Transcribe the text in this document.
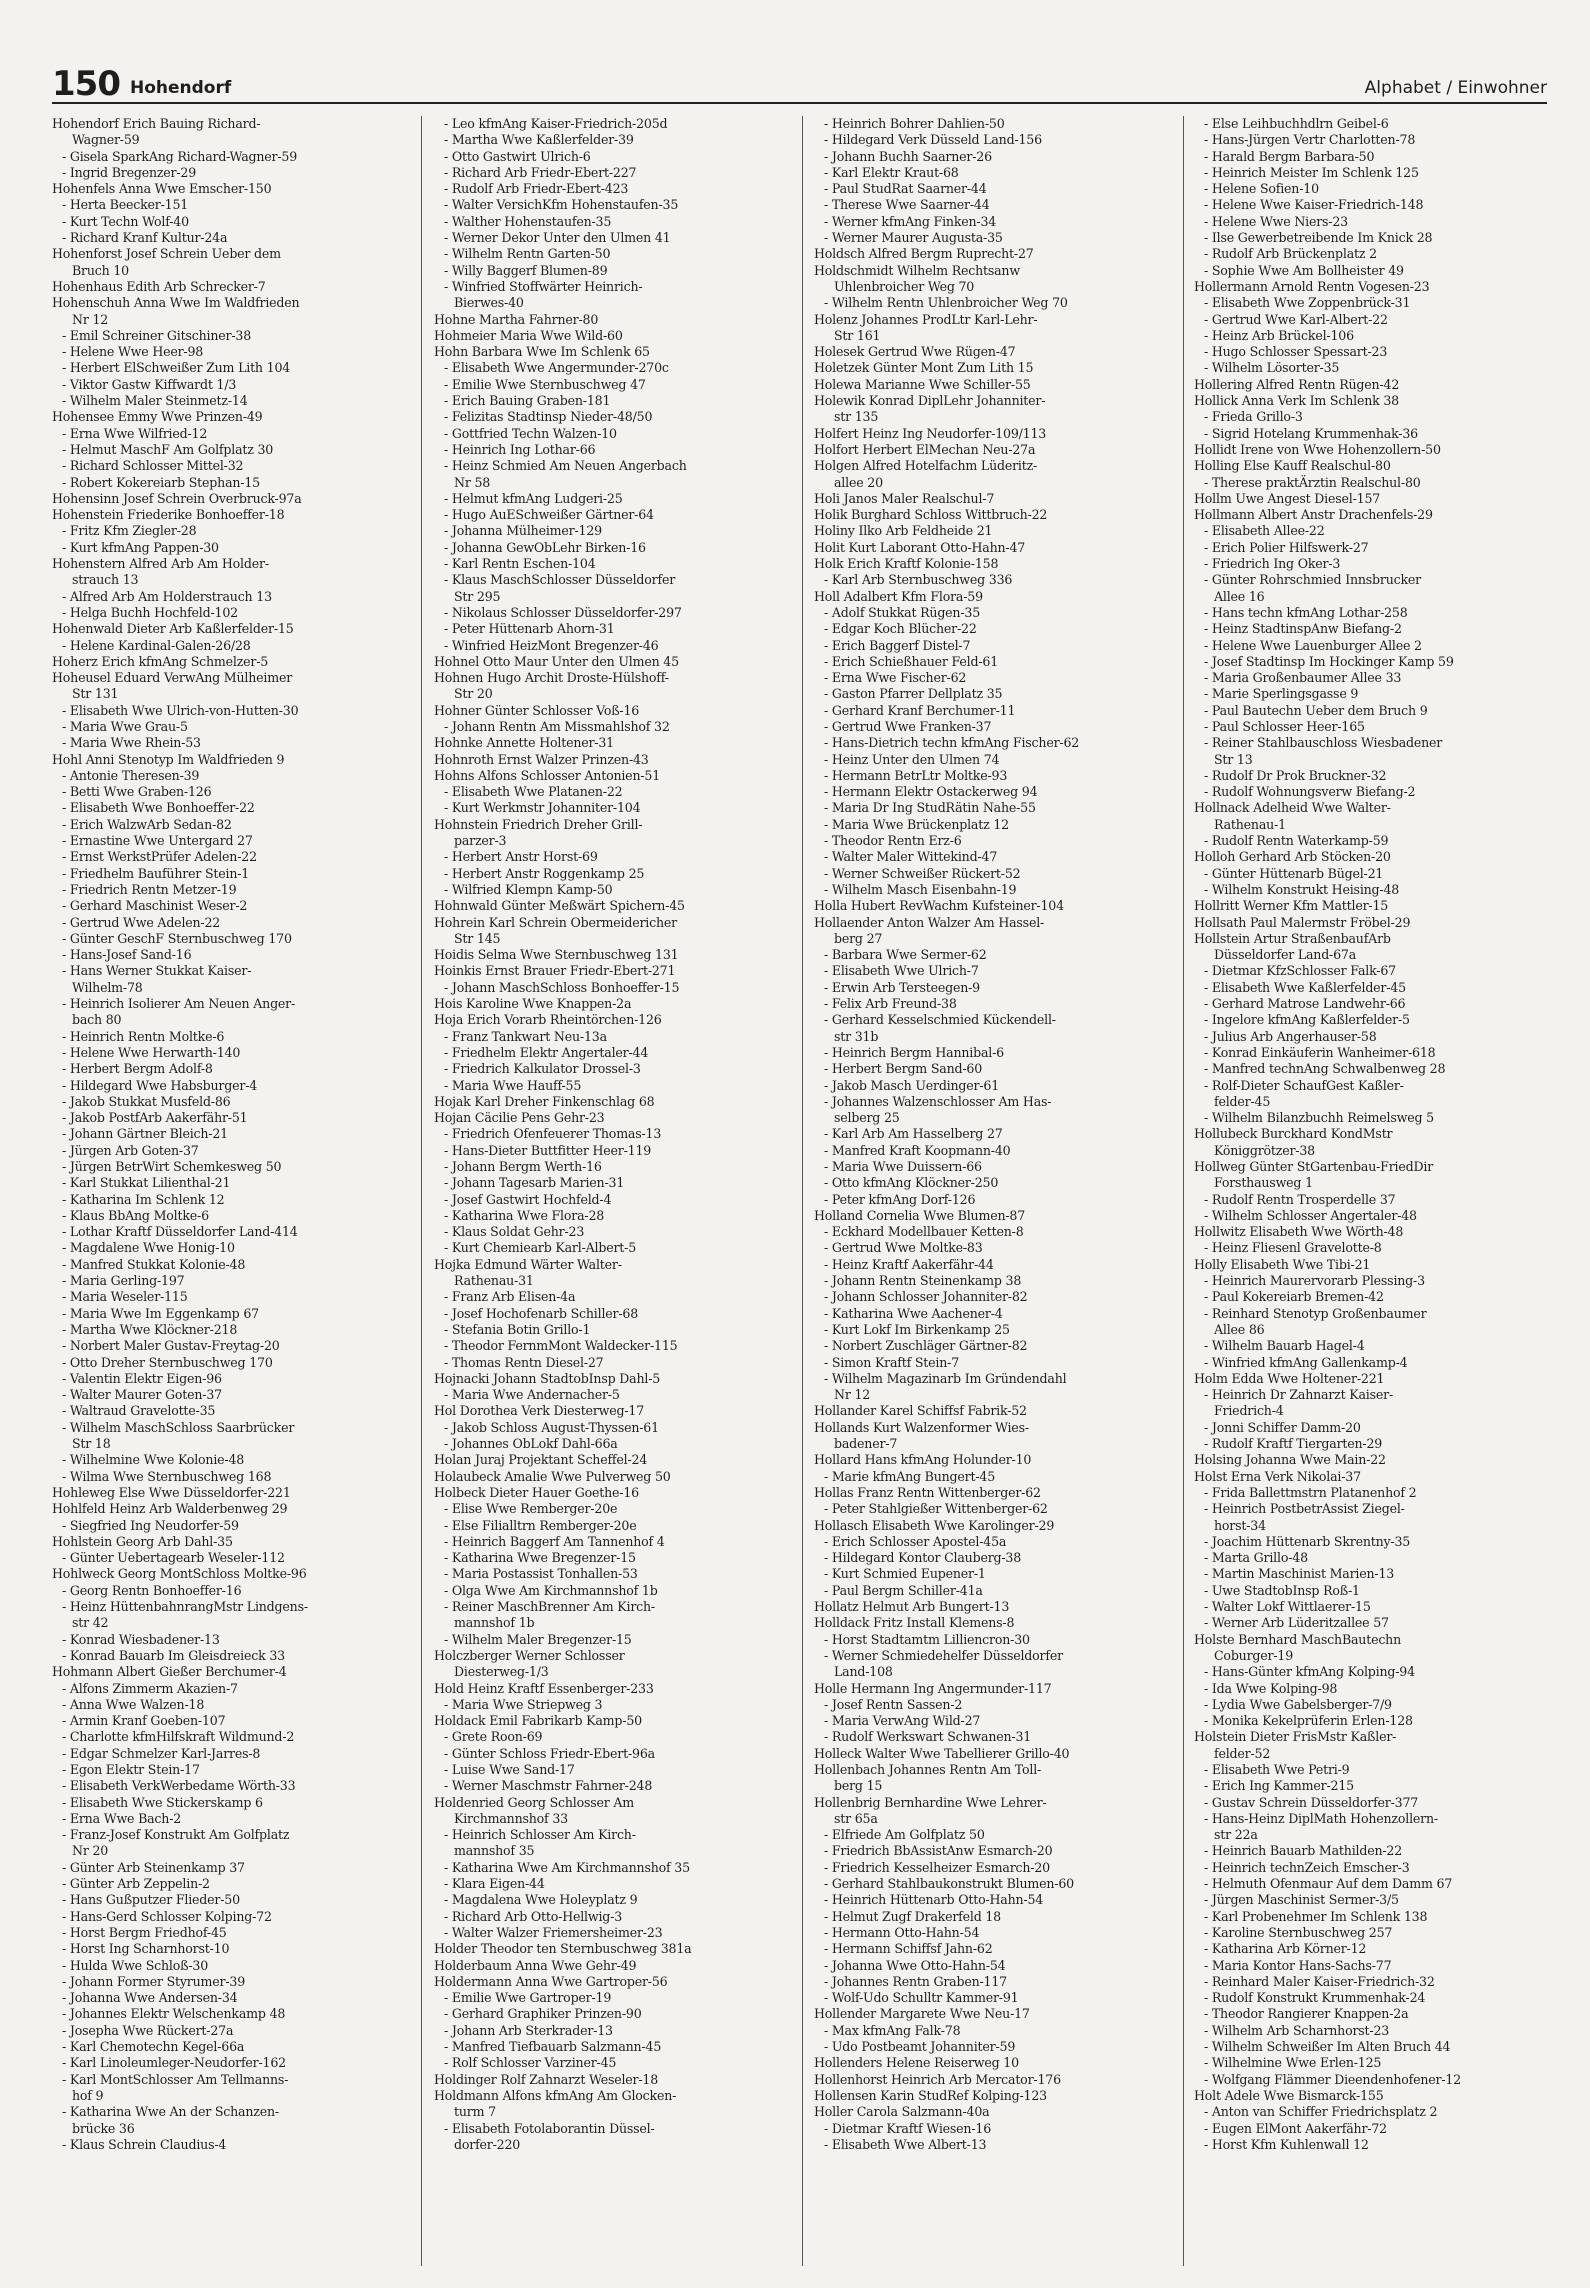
150 Hohendorf	Alphabet / Einwohner
Hohendorf Erich Bauing Richard-
Wagner-59
- Gisela SparkAng Richard-Wagner-59
- Ingrid Bregenzer-29
Hohenfels Anna Wwe Emscher-150
- Herta Beecker-151
- Kurt Techn Wolf-40
- Richard Kranf Kultur-24a
Hohenforst Josef Schrein Ueber dem
Bruch 10
Hohenhaus Edith Arb Schrecker-7
Hohenschuh Anna Wwe Im Waldfrieden
Nr 12
- Emil Schreiner Gitschiner-38
- Helene Wwe Heer-98
- Herbert ElSchweißer Zum Lith 104
- Viktor Gastw Kiffwardt 1/3
- Wilhelm Maler Steinmetz-14
Hohensee Emmy Wwe Prinzen-49
- Erna Wwe Wilfried-12
- Helmut MaschF Am Golfplatz 30
- Richard Schlosser Mittel-32
- Robert Kokereiarb Stephan-15
Hohensinn Josef Schrein Overbruck-97a
Hohenstein Friederike Bonhoeffer-18
- Fritz Kfm Ziegler-28
- Kurt kfmAng Pappen-30
Hohenstern Alfred Arb Am Holder-
strauch 13
- Alfred Arb Am Holderstrauch 13
- Helga Buchh Hochfeld-102
Hohenwald Dieter Arb Kaßlerfelder-15
- Helene Kardinal-Galen-26/28
Hoherz Erich kfmAng Schmelzer-5
Hoheusel Eduard VerwAng Mülheimer
Str 131
- Elisabeth Wwe Ulrich-von-Hutten-30
- Maria Wwe Grau-5
- Maria Wwe Rhein-53
Hohl Anni Stenotyp Im Waldfrieden 9
- Antonie Theresen-39
- Betti Wwe Graben-126
- Elisabeth Wwe Bonhoeffer-22
- Erich WalzwArb Sedan-82
- Ernastine Wwe Untergard 27
- Ernst WerkstPrüfer Adelen-22
- Friedhelm Bauführer Stein-1
- Friedrich Rentn Metzer-19
- Gerhard Maschinist Weser-2
- Gertrud Wwe Adelen-22
- Günter GeschF Sternbuschweg 170
- Hans-Josef Sand-16
- Hans Werner Stukkat Kaiser-
Wilhelm-78
- Heinrich Isolierer Am Neuen Anger-
bach 80
- Heinrich Rentn Moltke-6
- Helene Wwe Herwarth-140
- Herbert Bergm Adolf-8
- Hildegard Wwe Habsburger-4
- Jakob Stukkat Musfeld-86
- Jakob PostfArb Aakerfähr-51
- Johann Gärtner Bleich-21
- Jürgen Arb Goten-37
- Jürgen BetrWirt Schemkesweg 50
- Karl Stukkat Lilienthal-21
- Katharina Im Schlenk 12
- Klaus BbAng Moltke-6
- Lothar Kraftf Düsseldorfer Land-414
- Magdalene Wwe Honig-10
- Manfred Stukkat Kolonie-48
- Maria Gerling-197
- Maria Weseler-115
- Maria Wwe Im Eggenkamp 67
- Martha Wwe Klöckner-218
- Norbert Maler Gustav-Freytag-20
- Otto Dreher Sternbuschweg 170
- Valentin Elektr Eigen-96
- Walter Maurer Goten-37
- Waltraud Gravelotte-35
- Wilhelm MaschSchloss Saarbrücker
Str 18
- Wilhelmine Wwe Kolonie-48
- Wilma Wwe Sternbuschweg 168
Hohleweg Else Wwe Düsseldorfer-221
Hohlfeld Heinz Arb Walderbenweg 29
- Siegfried Ing Neudorfer-59
Hohlstein Georg Arb Dahl-35
- Günter Uebertagearb Weseler-112
Hohlweck Georg MontSchloss Moltke-96
- Georg Rentn Bonhoeffer-16
- Heinz HüttenbahnrangMstr Lindgens-
str 42
- Konrad Wiesbadener-13
- Konrad Bauarb Im Gleisdreieck 33
Hohmann Albert Gießer Berchumer-4
- Alfons Zimmerm Akazien-7
- Anna Wwe Walzen-18
- Armin Kranf Goeben-107
- Charlotte kfmHilfskraft Wildmund-2
- Edgar Schmelzer Karl-Jarres-8
- Egon Elektr Stein-17
- Elisabeth VerkWerbedame Wörth-33
- Elisabeth Wwe Stickerskamp 6
- Erna Wwe Bach-2
- Franz-Josef Konstrukt Am Golfplatz
Nr 20
- Günter Arb Steinenkamp 37
- Günter Arb Zeppelin-2
- Hans Gußputzer Flieder-50
- Hans-Gerd Schlosser Kolping-72
- Horst Bergm Friedhof-45
- Horst Ing Scharnhorst-10
- Hulda Wwe Schloß-30
- Johann Former Styrumer-39
- Johanna Wwe Andersen-34
- Johannes Elektr Welschenkamp 48
- Josepha Wwe Rückert-27a
- Karl Chemotechn Kegel-66a
- Karl Linoleumleger-Neudorfer-162
- Karl MontSchlosser Am Tellmanns-
hof 9
- Katharina Wwe An der Schanzen-
brücke 36
- Klaus Schrein Claudius-4
- Leo kfmAng Kaiser-Friedrich-205d
- Martha Wwe Kaßlerfelder-39
- Otto Gastwirt Ulrich-6
- Richard Arb Friedr-Ebert-227
- Rudolf Arb Friedr-Ebert-423
- Walter VersichKfm Hohenstaufen-35
- Walther Hohenstaufen-35
- Werner Dekor Unter den Ulmen 41
- Wilhelm Rentn Garten-50
- Willy Baggerf Blumen-89
- Winfried Stoffwärter Heinrich-
Bierwes-40
Hohne Martha Fahrner-80
Hohmeier Maria Wwe Wild-60
Hohn Barbara Wwe Im Schlenk 65
- Elisabeth Wwe Angermunder-270c
- Emilie Wwe Sternbuschweg 47
- Erich Bauing Graben-181
- Felizitas Stadtinsp Nieder-48/50
- Gottfried Techn Walzen-10
- Heinrich Ing Lothar-66
- Heinz Schmied Am Neuen Angerbach
Nr 58
- Helmut kfmAng Ludgeri-25
- Hugo AuESchweißer Gärtner-64
- Johanna Mülheimer-129
- Johanna GewObLehr Birken-16
- Karl Rentn Eschen-104
- Klaus MaschSchlosser Düsseldorfer
Str 295
- Nikolaus Schlosser Düsseldorfer-297
- Peter Hüttenarb Ahorn-31
- Winfried HeizMont Bregenzer-46
Hohnel Otto Maur Unter den Ulmen 45
Hohnen Hugo Archit Droste-Hülshoff-
Str 20
Hohner Günter Schlosser Voß-16
- Johann Rentn Am Missmahlshof 32
Hohnke Annette Holtener-31
Hohnroth Ernst Walzer Prinzen-43
Hohns Alfons Schlosser Antonien-51
- Elisabeth Wwe Platanen-22
- Kurt Werkmstr Johanniter-104
Hohnstein Friedrich Dreher Grill-
parzer-3
- Herbert Anstr Horst-69
- Herbert Anstr Roggenkamp 25
- Wilfried Klempn Kamp-50
Hohnwald Günter Meßwärt Spichern-45
Hohrein Karl Schrein Obermeidericher
Str 145
Hoidis Selma Wwe Sternbuschweg 131
Hoinkis Ernst Brauer Friedr-Ebert-271
- Johann MaschSchloss Bonhoeffer-15
Hois Karoline Wwe Knappen-2a
Hoja Erich Vorarb Rheintörchen-126
- Franz Tankwart Neu-13a
- Friedhelm Elektr Angertaler-44
- Friedrich Kalkulator Drossel-3
- Maria Wwe Hauff-55
Hojak Karl Dreher Finkenschlag 68
Hojan Cäcilie Pens Gehr-23
- Friedrich Ofenfeuerer Thomas-13
- Hans-Dieter Buttfitter Heer-119
- Johann Bergm Werth-16
- Johann Tagesarb Marien-31
- Josef Gastwirt Hochfeld-4
- Katharina Wwe Flora-28
- Klaus Soldat Gehr-23
- Kurt Chemiearb Karl-Albert-5
Hojka Edmund Wärter Walter-
Rathenau-31
- Franz Arb Elisen-4a
- Josef Hochofenarb Schiller-68
- Stefania Botin Grillo-1
- Theodor FernmMont Waldecker-115
- Thomas Rentn Diesel-27
Hojnacki Johann StadtobInsp Dahl-5
- Maria Wwe Andernacher-5
Hol Dorothea Verk Diesterweg-17
- Jakob Schloss August-Thyssen-61
- Johannes ObLokf Dahl-66a
Holan Juraj Projektant Scheffel-24
Holaubeck Amalie Wwe Pulverweg 50
Holbeck Dieter Hauer Goethe-16
- Elise Wwe Remberger-20e
- Else Filialltrn Remberger-20e
- Heinrich Baggerf Am Tannenhof 4
- Katharina Wwe Bregenzer-15
- Maria Postassist Tonhallen-53
- Olga Wwe Am Kirchmannshof 1b
- Reiner MaschBrenner Am Kirch-
mannshof 1b
- Wilhelm Maler Bregenzer-15
Holczberger Werner Schlosser
Diesterweg-1/3
Hold Heinz Kraftf Essenberger-233
- Maria Wwe Striepweg 3
Holdack Emil Fabrikarb Kamp-50
- Grete Roon-69
- Günter Schloss Friedr-Ebert-96a
- Luise Wwe Sand-17
- Werner Maschmstr Fahrner-248
Holdenried Georg Schlosser Am
Kirchmannshof 33
- Heinrich Schlosser Am Kirch-
mannshof 35
- Katharina Wwe Am Kirchmannshof 35
- Klara Eigen-44
- Magdalena Wwe Holeyplatz 9
- Richard Arb Otto-Hellwig-3
- Walter Walzer Friemersheimer-23
Holder Theodor ten Sternbuschweg 381a
Holderbaum Anna Wwe Gehr-49
Holdermann Anna Wwe Gartroper-56
- Emilie Wwe Gartroper-19
- Gerhard Graphiker Prinzen-90
- Johann Arb Sterkrader-13
- Manfred Tiefbauarb Salzmann-45
- Rolf Schlosser Varziner-45
Holdinger Rolf Zahnarzt Weseler-18
Holdmann Alfons kfmAng Am Glocken-
turm 7
- Elisabeth Fotolaborantin Düssel-
dorfer-220
- Heinrich Bohrer Dahlien-50
- Hildegard Verk Düsseld Land-156
- Johann Buchh Saarner-26
- Karl Elektr Kraut-68
- Paul StudRat Saarner-44
- Therese Wwe Saarner-44
- Werner kfmAng Finken-34
- Werner Maurer Augusta-35
Holdsch Alfred Bergm Ruprecht-27
Holdschmidt Wilhelm Rechtsanw
Uhlenbroicher Weg 70
- Wilhelm Rentn Uhlenbroicher Weg 70
Holenz Johannes ProdLtr Karl-Lehr-
Str 161
Holesek Gertrud Wwe Rügen-47
Holetzek Günter Mont Zum Lith 15
Holewa Marianne Wwe Schiller-55
Holewik Konrad DiplLehr Johanniter-
str 135
Holfert Heinz Ing Neudorfer-109/113
Holfort Herbert ElMechan Neu-27a
Holgen Alfred Hotelfachm Lüderitz-
allee 20
Holi Janos Maler Realschul-7
Holik Burghard Schloss Wittbruch-22
Holiny Ilko Arb Feldheide 21
Holit Kurt Laborant Otto-Hahn-47
Holk Erich Kraftf Kolonie-158
- Karl Arb Sternbuschweg 336
Holl Adalbert Kfm Flora-59
- Adolf Stukkat Rügen-35
- Edgar Koch Blücher-22
- Erich Baggerf Distel-7
- Erich Schießhauer Feld-61
- Erna Wwe Fischer-62
- Gaston Pfarrer Dellplatz 35
- Gerhard Kranf Berchumer-11
- Gertrud Wwe Franken-37
- Hans-Dietrich techn kfmAng Fischer-62
- Heinz Unter den Ulmen 74
- Hermann BetrLtr Moltke-93
- Hermann Elektr Ostackerweg 94
- Maria Dr Ing StudRätin Nahe-55
- Maria Wwe Brückenplatz 12
- Theodor Rentn Erz-6
- Walter Maler Wittekind-47
- Werner Schweißer Rückert-52
- Wilhelm Masch Eisenbahn-19
Holla Hubert RevWachm Kufsteiner-104
Hollaender Anton Walzer Am Hassel-
berg 27
- Barbara Wwe Sermer-62
- Elisabeth Wwe Ulrich-7
- Erwin Arb Tersteegen-9
- Felix Arb Freund-38
- Gerhard Kesselschmied Kückendell-
str 31b
- Heinrich Bergm Hannibal-6
- Herbert Bergm Sand-60
- Jakob Masch Uerdinger-61
- Johannes Walzenschlosser Am Has-
selberg 25
- Karl Arb Am Hasselberg 27
- Manfred Kraft Koopmann-40
- Maria Wwe Duissern-66
- Otto kfmAng Klöckner-250
- Peter kfmAng Dorf-126
Holland Cornelia Wwe Blumen-87
- Eckhard Modellbauer Ketten-8
- Gertrud Wwe Moltke-83
- Heinz Kraftf Aakerfähr-44
- Johann Rentn Steinenkamp 38
- Johann Schlosser Johanniter-82
- Katharina Wwe Aachener-4
- Kurt Lokf Im Birkenkamp 25
- Norbert Zuschläger Gärtner-82
- Simon Kraftf Stein-7
- Wilhelm Magazinarb Im Gründendahl
Nr 12
Hollander Karel Schiffsf Fabrik-52
Hollands Kurt Walzenformer Wies-
badener-7
Hollard Hans kfmAng Holunder-10
- Marie kfmAng Bungert-45
Hollas Franz Rentn Wittenberger-62
- Peter Stahlgießer Wittenberger-62
Hollasch Elisabeth Wwe Karolinger-29
- Erich Schlosser Apostel-45a
- Hildegard Kontor Clauberg-38
- Kurt Schmied Eupener-1
- Paul Bergm Schiller-41a
Hollatz Helmut Arb Bungert-13
Holldack Fritz Install Klemens-8
- Horst Stadtamtm Lilliencron-30
- Werner Schmiedehelfer Düsseldorfer
Land-108
Holle Hermann Ing Angermunder-117
- Josef Rentn Sassen-2
- Maria VerwAng Wild-27
- Rudolf Werkswart Schwanen-31
Holleck Walter Wwe Tabellierer Grillo-40
Hollenbach Johannes Rentn Am Toll-
berg 15
Hollenbrig Bernhardine Wwe Lehrer-
str 65a
- Elfriede Am Golfplatz 50
- Friedrich BbAssistAnw Esmarch-20
- Friedrich Kesselheizer Esmarch-20
- Gerhard Stahlbaukonstrukt Blumen-60
- Heinrich Hüttenarb Otto-Hahn-54
- Helmut Zugf Drakerfeld 18
- Hermann Otto-Hahn-54
- Hermann Schiffsf Jahn-62
- Johanna Wwe Otto-Hahn-54
- Johannes Rentn Graben-117
- Wolf-Udo Schulltr Kammer-91
Hollender Margarete Wwe Neu-17
- Max kfmAng Falk-78
- Udo Postbeamt Johanniter-59
Hollenders Helene Reiserweg 10
Hollenhorst Heinrich Arb Mercator-176
Hollensen Karin StudRef Kolping-123
Holler Carola Salzmann-40a
- Dietmar Kraftf Wiesen-16
- Elisabeth Wwe Albert-13
- Else Leihbuchhdlrn Geibel-6
- Hans-Jürgen Vertr Charlotten-78
- Harald Bergm Barbara-50
- Heinrich Meister Im Schlenk 125
- Helene Sofien-10
- Helene Wwe Kaiser-Friedrich-148
- Helene Wwe Niers-23
- Ilse Gewerbetreibende Im Knick 28
- Rudolf Arb Brückenplatz 2
- Sophie Wwe Am Bollheister 49
Hollermann Arnold Rentn Vogesen-23
- Elisabeth Wwe Zoppenbrück-31
- Gertrud Wwe Karl-Albert-22
- Heinz Arb Brückel-106
- Hugo Schlosser Spessart-23
- Wilhelm Lösorter-35
Hollering Alfred Rentn Rügen-42
Hollick Anna Verk Im Schlenk 38
- Frieda Grillo-3
- Sigrid Hotelang Krummenhak-36
Hollidt Irene von Wwe Hohenzollern-50
Holling Else Kauff Realschul-80
- Therese praktÄrztin Realschul-80
Hollm Uwe Angest Diesel-157
Hollmann Albert Anstr Drachenfels-29
- Elisabeth Allee-22
- Erich Polier Hilfswerk-27
- Friedrich Ing Oker-3
- Günter Rohrschmied Innsbrucker
Allee 16
- Hans techn kfmAng Lothar-258
- Heinz StadtinspAnw Biefang-2
- Helene Wwe Lauenburger Allee 2
- Josef Stadtinsp Im Hockinger Kamp 59
- Maria Großenbaumer Allee 33
- Marie Sperlingsgasse 9
- Paul Bautechn Ueber dem Bruch 9
- Paul Schlosser Heer-165
- Reiner Stahlbauschloss Wiesbadener
Str 13
- Rudolf Dr Prok Bruckner-32
- Rudolf Wohnungsverw Biefang-2
Hollnack Adelheid Wwe Walter-
Rathenau-1
- Rudolf Rentn Waterkamp-59
Holloh Gerhard Arb Stöcken-20
- Günter Hüttenarb Bügel-21
- Wilhelm Konstrukt Heising-48
Hollritt Werner Kfm Mattler-15
Hollsath Paul Malermstr Fröbel-29
Hollstein Artur StraßenbaufArb
Düsseldorfer Land-67a
- Dietmar KfzSchlosser Falk-67
- Elisabeth Wwe Kaßlerfelder-45
- Gerhard Matrose Landwehr-66
- Ingelore kfmAng Kaßlerfelder-5
- Julius Arb Angerhauser-58
- Konrad Einkäuferin Wanheimer-618
- Manfred technAng Schwalbenweg 28
- Rolf-Dieter SchaufGest Kaßler-
felder-45
- Wilhelm Bilanzbuchh Reimelsweg 5
Hollubeck Burckhard KondMstr
Königgrötzer-38
Hollweg Günter StGartenbau-FriedDir
Forsthausweg 1
- Rudolf Rentn Trosperdelle 37
- Wilhelm Schlosser Angertaler-48
Hollwitz Elisabeth Wwe Wörth-48
- Heinz Fliesenl Gravelotte-8
Holly Elisabeth Wwe Tibi-21
- Heinrich Maurervorarb Plessing-3
- Paul Kokereiarb Bremen-42
- Reinhard Stenotyp Großenbaumer
Allee 86
- Wilhelm Bauarb Hagel-4
- Winfried kfmAng Gallenkamp-4
Holm Edda Wwe Holtener-221
- Heinrich Dr Zahnarzt Kaiser-
Friedrich-4
- Jonni Schiffer Damm-20
- Rudolf Kraftf Tiergarten-29
Holsing Johanna Wwe Main-22
Holst Erna Verk Nikolai-37
- Frida Ballettmstrn Platanenhof 2
- Heinrich PostbetrAssist Ziegel-
horst-34
- Joachim Hüttenarb Skrentny-35
- Marta Grillo-48
- Martin Maschinist Marien-13
- Uwe StadtobInsp Roß-1
- Walter Lokf Wittlaerer-15
- Werner Arb Lüderitzallee 57
Holste Bernhard MaschBautechn
Coburger-19
- Hans-Günter kfmAng Kolping-94
- Ida Wwe Kolping-98
- Lydia Wwe Gabelsberger-7/9
- Monika Kekelprüferin Erlen-128
Holstein Dieter FrisMstr Kaßler-
felder-52
- Elisabeth Wwe Petri-9
- Erich Ing Kammer-215
- Gustav Schrein Düsseldorfer-377
- Hans-Heinz DiplMath Hohenzollern-
str 22a
- Heinrich Bauarb Mathilden-22
- Heinrich technZeich Emscher-3
- Helmuth Ofenmaur Auf dem Damm 67
- Jürgen Maschinist Sermer-3/5
- Karl Probenehmer Im Schlenk 138
- Karoline Sternbuschweg 257
- Katharina Arb Körner-12
- Maria Kontor Hans-Sachs-77
- Reinhard Maler Kaiser-Friedrich-32
- Rudolf Konstrukt Krummenhak-24
- Theodor Rangierer Knappen-2a
- Wilhelm Arb Scharnhorst-23
- Wilhelm Schweißer Im Alten Bruch 44
- Wilhelmine Wwe Erlen-125
- Wolfgang Flämmer Dieendenhofener-12
Holt Adele Wwe Bismarck-155
- Anton van Schiffer Friedrichsplatz 2
- Eugen ElMont Aakerfähr-72
- Horst Kfm Kuhlenwall 12
